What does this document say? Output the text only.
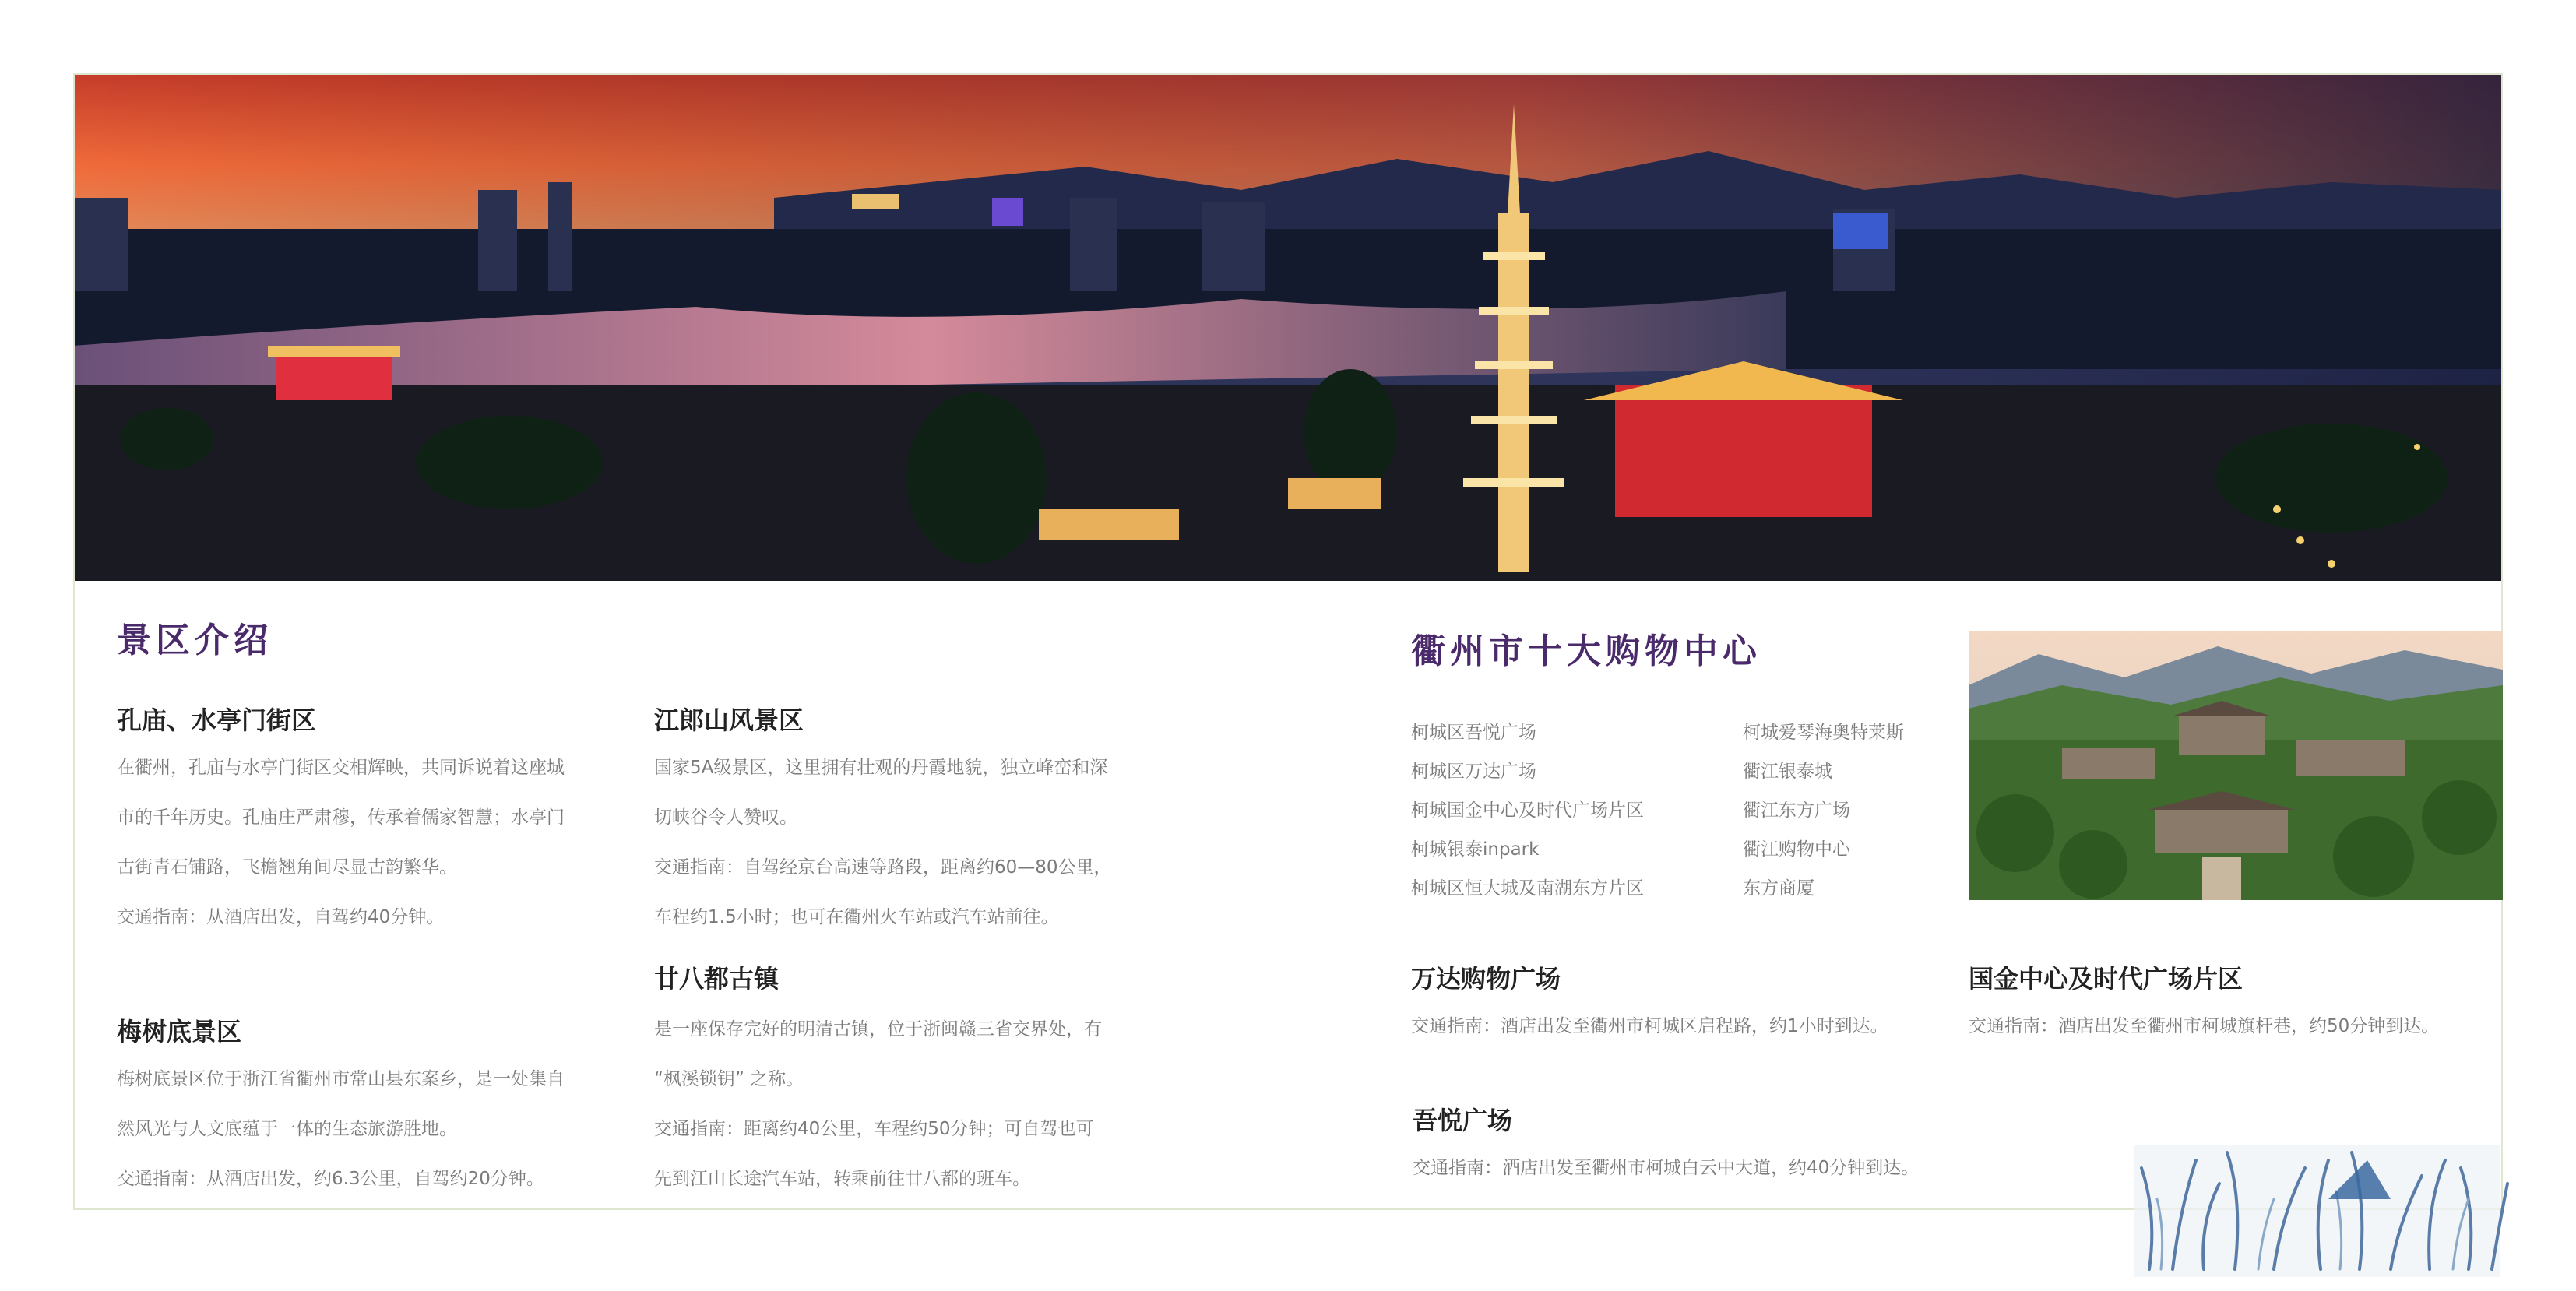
景区介绍
孔庙、水亭门街区
在衢州，孔庙与水亭门街区交相辉映，共同诉说着这座城
市的千年历史。孔庙庄严肃穆，传承着儒家智慧；水亭门
古街青石铺路，飞檐翘角间尽显古韵繁华。
交通指南：从酒店出发，自驾约40分钟。
梅树底景区
梅树底景区位于浙江省衢州市常山县东案乡，是一处集自
然风光与人文底蕴于一体的生态旅游胜地。
交通指南：从酒店出发，约6.3公里，自驾约20分钟。
江郎山风景区
国家5A级景区，这里拥有壮观的丹霞地貌，独立峰峦和深
切峡谷令人赞叹。
交通指南：自驾经京台高速等路段，距离约60—80公里，
车程约1.5小时；也可在衢州火车站或汽车站前往。
廿八都古镇
是一座保存完好的明清古镇，位于浙闽赣三省交界处，有
“枫溪锁钥” 之称。
交通指南：距离约40公里，车程约50分钟；可自驾也可
先到江山长途汽车站，转乘前往廿八都的班车。
衢州市十大购物中心
柯城区吾悦广场
柯城区万达广场
柯城国金中心及时代广场片区
柯城银泰inpark
柯城区恒大城及南湖东方片区
柯城爱琴海奥特莱斯
衢江银泰城
衢江东方广场
衢江购物中心
东方商厦
万达购物广场
交通指南：酒店出发至衢州市柯城区启程路，约1小时到达。
国金中心及时代广场片区
交通指南：酒店出发至衢州市柯城旗杆巷，约50分钟到达。
吾悦广场
交通指南：酒店出发至衢州市柯城白云中大道，约40分钟到达。
